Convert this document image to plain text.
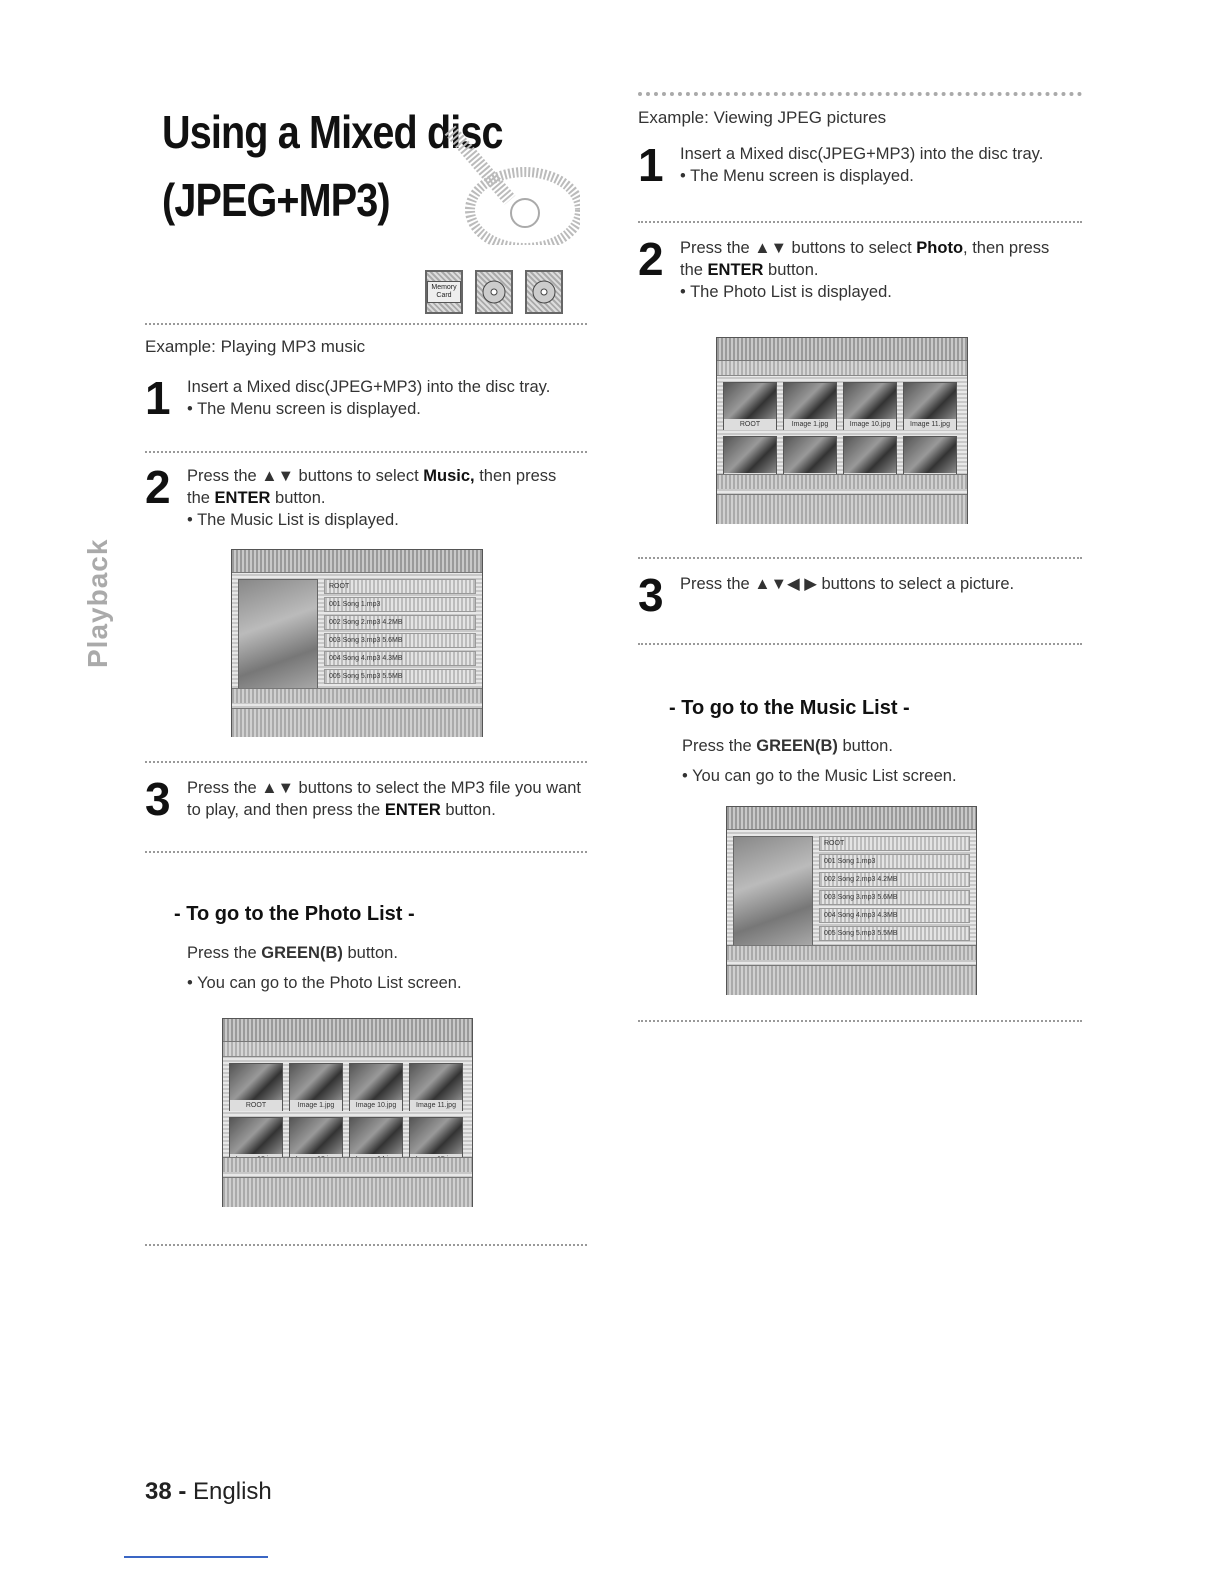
Using a Mixed disc
(JPEG+MP3)
Memory Card
Playback
Example: Playing MP3 music
1 Insert a Mixed disc(JPEG+MP3) into the disc tray.
• The Menu screen is displayed.
2 Press the ▲▼ buttons to select Music, then press
the ENTER button.
• The Music List is displayed.
ROOT
001 Song 1.mp3
002 Song 2.mp3 4.2MB
003 Song 3.mp3 5.6MB
004 Song 4.mp3 4.3MB
005 Song 5.mp3 5.5MB
3 Press the ▲▼ buttons to select the MP3 file you want
to play, and then press the ENTER button.
- To go to the Photo List -
Press the GREEN(B) button.
• You can go to the Photo List screen.
ROOT	Image 1.jpg	Image 10.jpg	Image 11.jpg
Example: Viewing JPEG pictures
1 Insert a Mixed disc(JPEG+MP3) into the disc tray.
• The Menu screen is displayed.
2 Press the ▲▼ buttons to select Photo, then press
the ENTER button.
• The Photo List is displayed.
ROOT	Image 1.jpg	Image 10.jpg	Image 11.jpg
3 Press the ▲▼◀ ▶ buttons to select a picture.
- To go to the Music List -
Press the GREEN(B) button.
• You can go to the Music List screen.
ROOT
001 Song 1.mp3
002 Song 2.mp3 4.2MB
003 Song 3.mp3 5.6MB
004 Song 4.mp3 4.3MB
005 Song 5.mp3 5.5MB
38 - English
